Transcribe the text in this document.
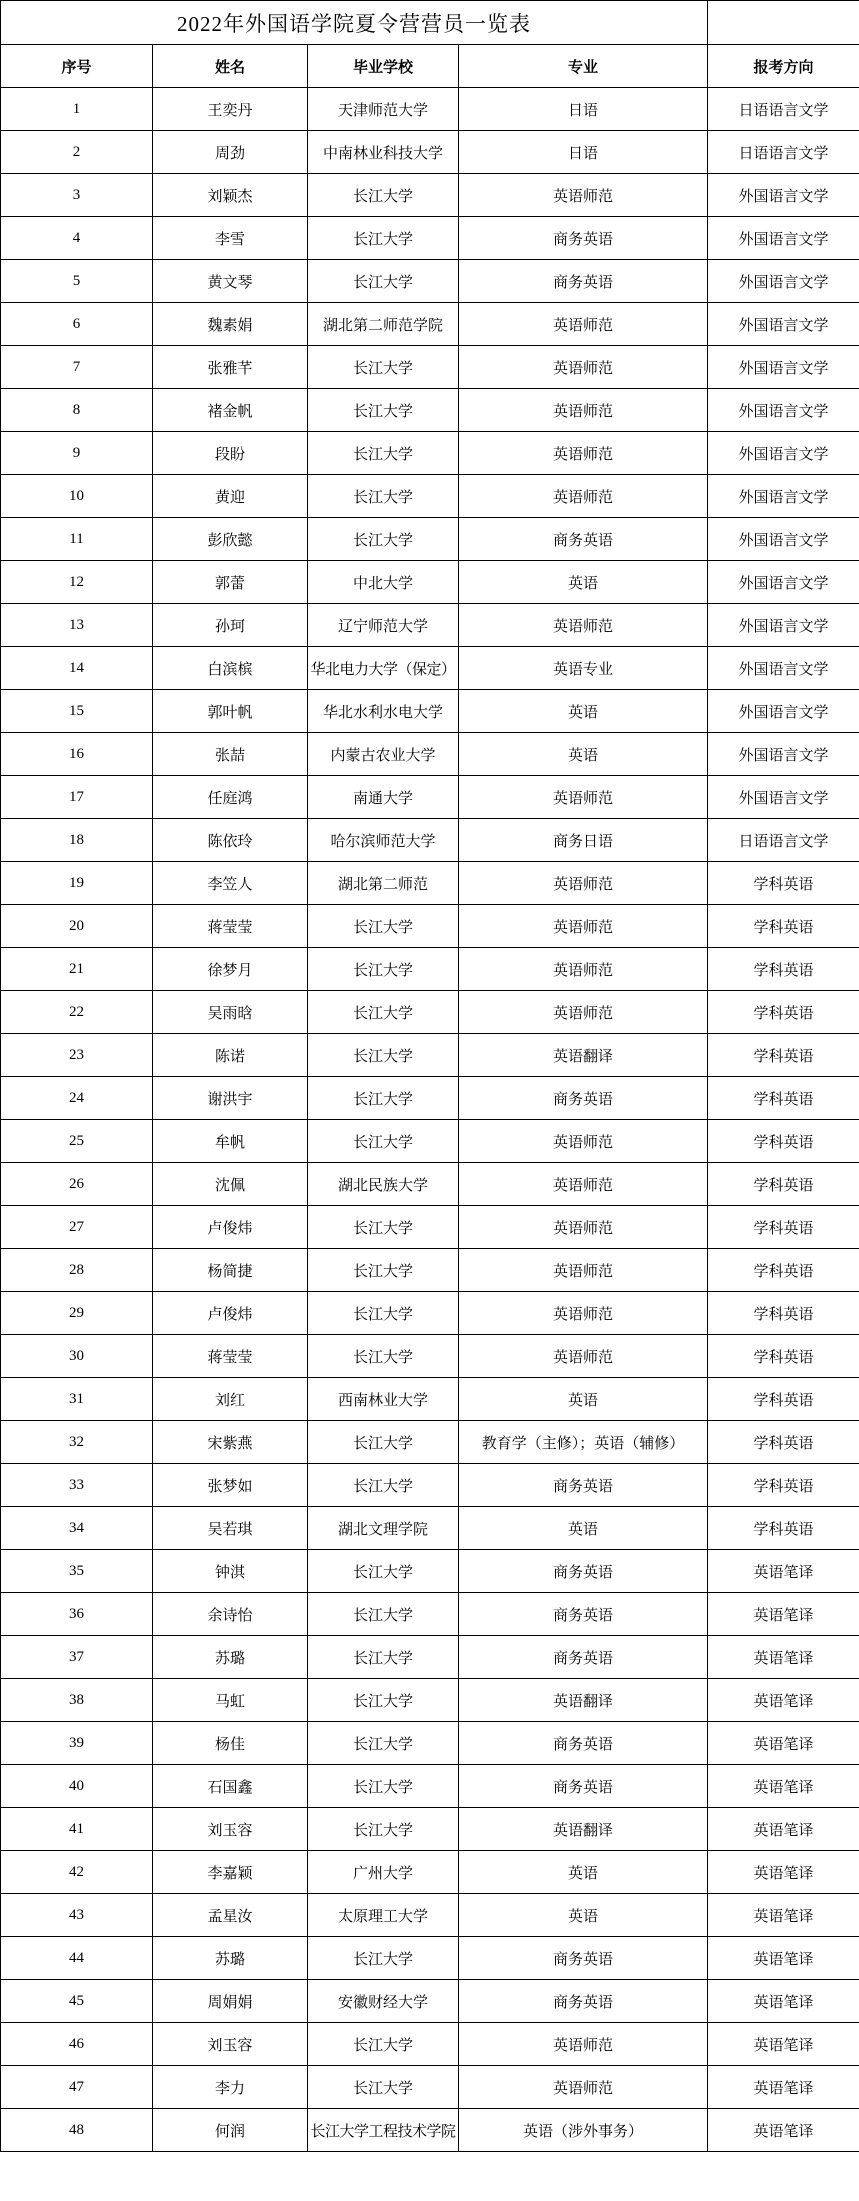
2022年外国语学院夏令营营员一览表				
序号	姓名	毕业学校	专业	报考方向
1	王奕丹	天津师范大学	日语	日语语言文学
2	周劲	中南林业科技大学	日语	日语语言文学
3	刘颖杰	长江大学	英语师范	外国语言文学
4	李雪	长江大学	商务英语	外国语言文学
5	黄文琴	长江大学	商务英语	外国语言文学
6	魏素娟	湖北第二师范学院	英语师范	外国语言文学
7	张雅芊	长江大学	英语师范	外国语言文学
8	褚金帆	长江大学	英语师范	外国语言文学
9	段盼	长江大学	英语师范	外国语言文学
10	黄迎	长江大学	英语师范	外国语言文学
11	彭欣懿	长江大学	商务英语	外国语言文学
12	郭蕾	中北大学	英语	外国语言文学
13	孙珂	辽宁师范大学	英语师范	外国语言文学
14	白滨槟	华北电力大学（保定）	英语专业	外国语言文学
15	郭叶帆	华北水利水电大学	英语	外国语言文学
16	张喆	内蒙古农业大学	英语	外国语言文学
17	任庭鸿	南通大学	英语师范	外国语言文学
18	陈依玲	哈尔滨师范大学	商务日语	日语语言文学
19	李笠人	湖北第二师范	英语师范	学科英语
20	蒋莹莹	长江大学	英语师范	学科英语
21	徐梦月	长江大学	英语师范	学科英语
22	吴雨晗	长江大学	英语师范	学科英语
23	陈诺	长江大学	英语翻译	学科英语
24	谢洪宇	长江大学	商务英语	学科英语
25	牟帆	长江大学	英语师范	学科英语
26	沈佩	湖北民族大学	英语师范	学科英语
27	卢俊炜	长江大学	英语师范	学科英语
28	杨简捷	长江大学	英语师范	学科英语
29	卢俊炜	长江大学	英语师范	学科英语
30	蒋莹莹	长江大学	英语师范	学科英语
31	刘红	西南林业大学	英语	学科英语
32	宋紫燕	长江大学	教育学（主修）；英语（辅修）	学科英语
33	张梦如	长江大学	商务英语	学科英语
34	吴若琪	湖北文理学院	英语	学科英语
35	钟淇	长江大学	商务英语	英语笔译
36	余诗怡	长江大学	商务英语	英语笔译
37	苏璐	长江大学	商务英语	英语笔译
38	马虹	长江大学	英语翻译	英语笔译
39	杨佳	长江大学	商务英语	英语笔译
40	石国鑫	长江大学	商务英语	英语笔译
41	刘玉容	长江大学	英语翻译	英语笔译
42	李嘉颖	广州大学	英语	英语笔译
43	孟星汝	太原理工大学	英语	英语笔译
44	苏璐	长江大学	商务英语	英语笔译
45	周娟娟	安徽财经大学	商务英语	英语笔译
46	刘玉容	长江大学	英语师范	英语笔译
47	李力	长江大学	英语师范	英语笔译
48	何润	长江大学工程技术学院	英语（涉外事务）	英语笔译
